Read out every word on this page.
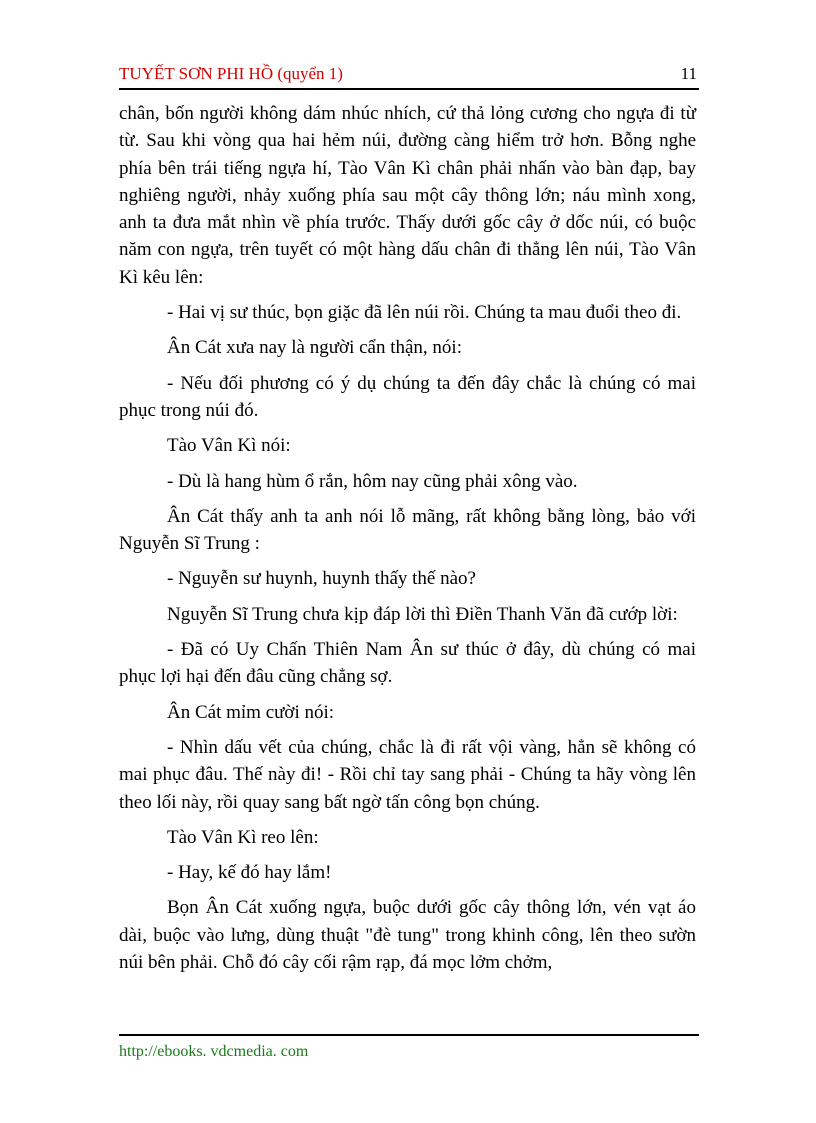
TUYẾT SƠN PHI HỒ (quyển 1)	11

chân, bốn người không dám nhúc nhích, cứ thả lỏng cương cho ngựa đi từ từ. Sau khi vòng qua hai hẻm núi, đường càng hiểm trở hơn. Bỗng nghe phía bên trái tiếng ngựa hí, Tào Vân Kì chân phải nhấn vào bàn đạp, bay nghiêng người, nhảy xuống phía sau một cây thông lớn; náu mình xong, anh ta đưa mắt nhìn về phía trước. Thấy dưới gốc cây ở dốc núi, có buộc năm con ngựa, trên tuyết có một hàng dấu chân đi thẳng lên núi, Tào Vân Kì kêu lên:

- Hai vị sư thúc, bọn giặc đã lên núi rồi. Chúng ta mau đuổi theo đi.

Ân Cát xưa nay là người cẩn thận, nói:

- Nếu đối phương có ý dụ chúng ta đến đây chắc là chúng có mai phục trong núi đó.

Tào Vân Kì nói:

- Dù là hang hùm ổ rắn, hôm nay cũng phải xông vào.

Ân Cát thấy anh ta anh nói lỗ mãng, rất không bằng lòng, bảo với Nguyễn Sĩ Trung :

- Nguyễn sư huynh, huynh thấy thế nào?

Nguyễn Sĩ Trung chưa kịp đáp lời thì Điền Thanh Văn đã cướp lời:

- Đã có Uy Chấn Thiên Nam Ân sư thúc ở đây, dù chúng có mai phục lợi hại đến đâu cũng chẳng sợ.

Ân Cát mỉm cười nói:

- Nhìn dấu vết của chúng, chắc là đi rất vội vàng, hẳn sẽ không có mai phục đâu. Thế này đi! - Rồi chỉ tay sang phải - Chúng ta hãy vòng lên theo lối này, rồi quay sang bất ngờ tấn công bọn chúng.

Tào Vân Kì reo lên:

- Hay, kế đó hay lắm!

Bọn Ân Cát xuống ngựa, buộc dưới gốc cây thông lớn, vén vạt áo dài, buộc vào lưng, dùng thuật "đè tung" trong khinh công, lên theo sườn núi bên phải. Chỗ đó cây cối rậm rạp, đá mọc lởm chởm,

http://ebooks. vdcmedia. com
